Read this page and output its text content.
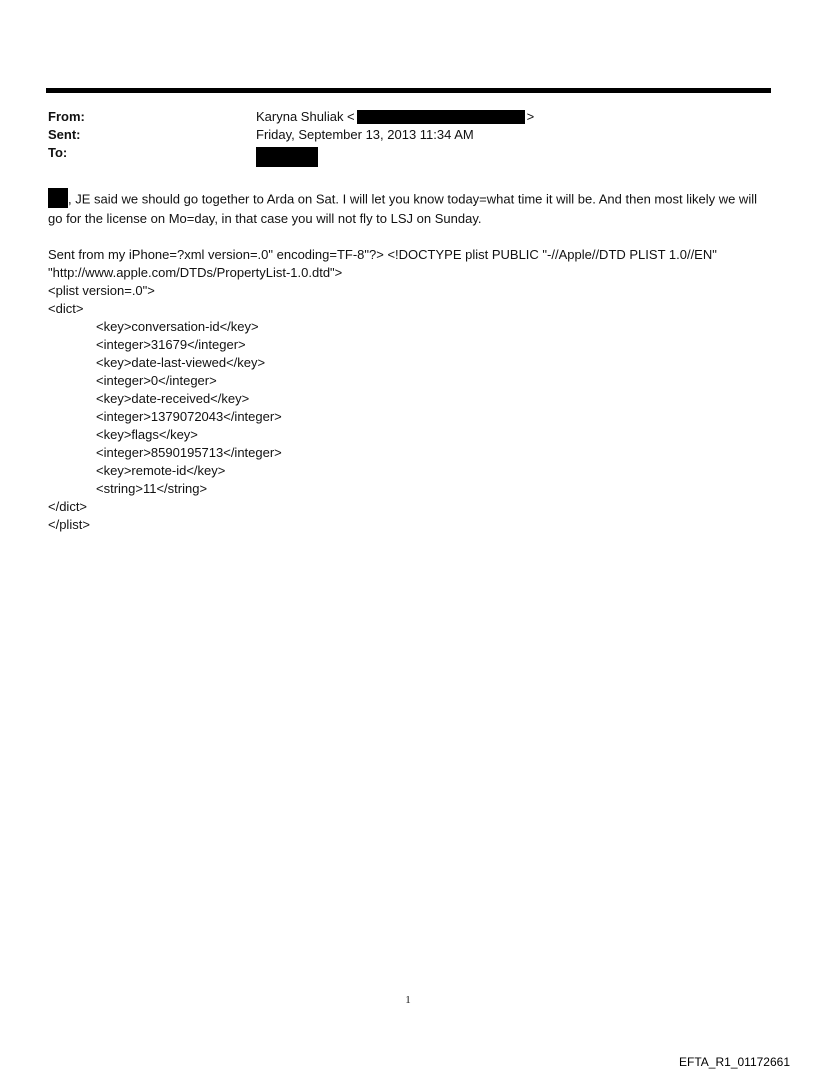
From:	Karyna Shuliak <	>
Sent:	Friday, September 13, 2013 11:34 AM
To:

, JE said we should go together to Arda on Sat. I will let you know today=what time it will be. And then most likely we will go for the license on Mo=day, in that case you will not fly to LSJ on Sunday.

Sent from my iPhone=?xml version=.0" encoding=TF-8"?> <!DOCTYPE plist PUBLIC "-//Apple//DTD PLIST 1.0//EN"

"http://www.apple.com/DTDs/PropertyList-1.0.dtd">

<plist version=.0">

<dict>

<key>conversation-id</key>

<integer>31679</integer>

<key>date-last-viewed</key>

<integer>0</integer>

<key>date-received</key>

<integer>1379072043</integer>

<key>flags</key>

<integer>8590195713</integer>

<key>remote-id</key>

<string>11</string>

</dict>

</plist>

1
EFTA_R1_01172661
